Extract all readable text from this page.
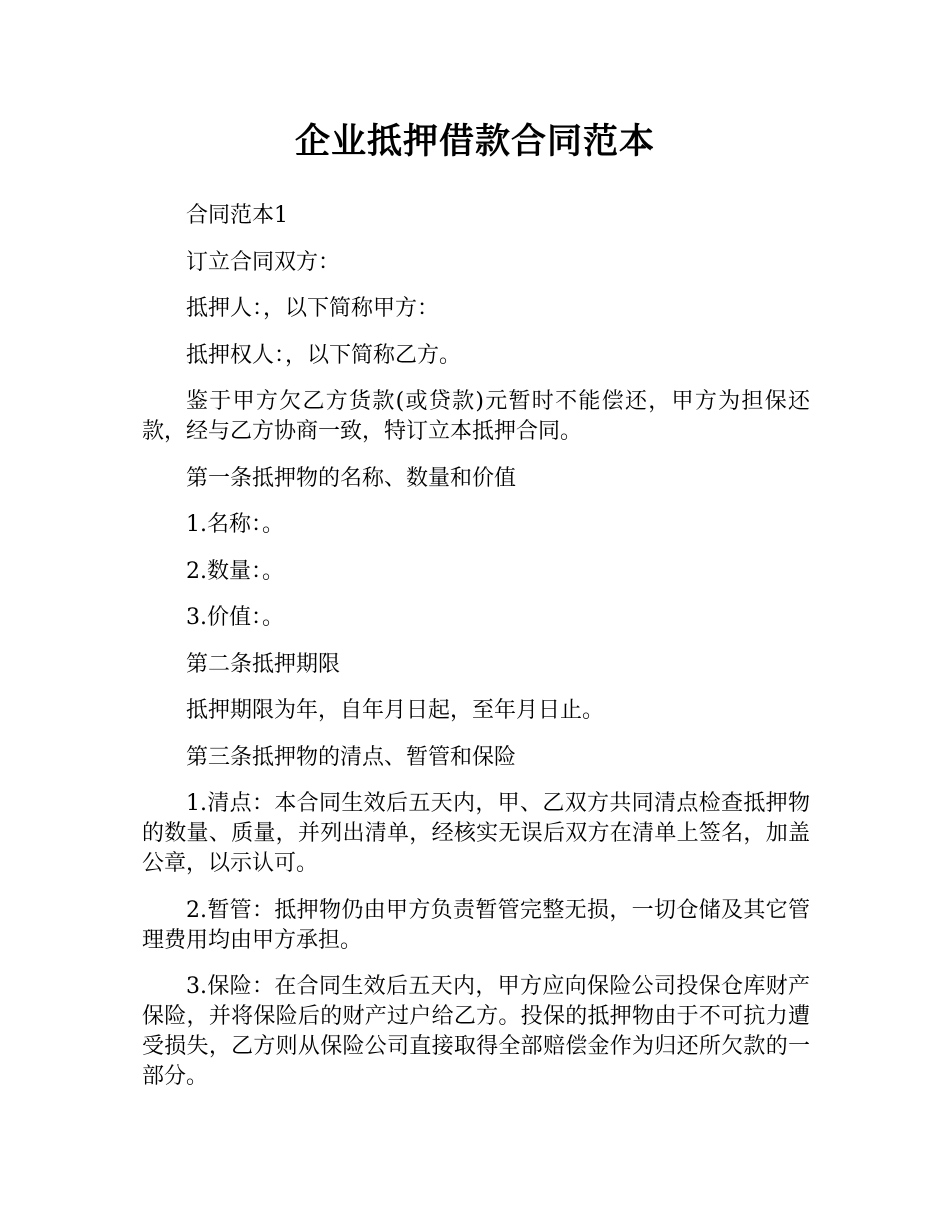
企业抵押借款合同范本

合同范本1

订立合同双方：

抵押人：，以下简称甲方：

抵押权人：，以下简称乙方。

鉴于甲方欠乙方货款(或贷款)元暂时不能偿还，甲方为担保还款，经与乙方协商一致，特订立本抵押合同。

第一条抵押物的名称、数量和价值

1.名称：。

2.数量：。

3.价值：。

第二条抵押期限

抵押期限为年，自年月日起，至年月日止。

第三条抵押物的清点、暂管和保险

1.清点：本合同生效后五天内，甲、乙双方共同清点检查抵押物的数量、质量，并列出清单，经核实无误后双方在清单上签名，加盖公章，以示认可。

2.暂管：抵押物仍由甲方负责暂管完整无损，一切仓储及其它管理费用均由甲方承担。

3.保险：在合同生效后五天内，甲方应向保险公司投保仓库财产保险，并将保险后的财产过户给乙方。投保的抵押物由于不可抗力遭受损失，乙方则从保险公司直接取得全部赔偿金作为归还所欠款的一部分。
